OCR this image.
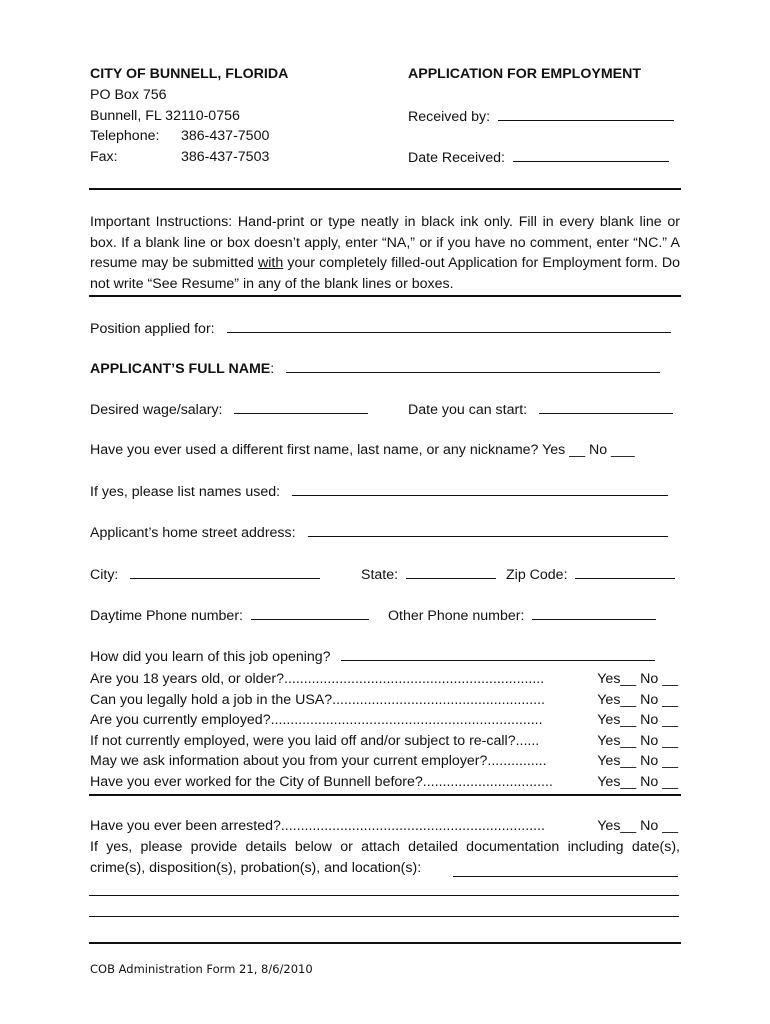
CITY OF BUNNELL, FLORIDA
PO Box 756
Bunnell, FL 32110-0756
Telephone: 386-437-7500
Fax:	386-437-7503
APPLICATION FOR EMPLOYMENT
Received by:
Date Received:
Important Instructions: Hand-print or type neatly in black ink only. Fill in every blank line or box. If a blank line or box doesn’t apply, enter “NA,” or if you have no comment, enter “NC.” A resume may be submitted with your completely filled-out Application for Employment form. Do not write “See Resume” in any of the blank lines or boxes.
Position applied for:
APPLICANT’S FULL NAME:
Desired wage/salary:	Date you can start:
Have you ever used a different first name, last name, or any nickname? Yes __ No ___
If yes, please list names used:
Applicant’s home street address:
City:	State:	Zip Code:
Daytime Phone number:	Other Phone number:
How did you learn of this job opening?
Are you 18 years old, or older?..................................................................	Yes__ No __
Can you legally hold a job in the USA?......................................................	Yes__ No __
Are you currently employed?.....................................................................	Yes__ No __
If not currently employed, were you laid off and/or subject to re-call?......	Yes__ No __
May we ask information about you from your current employer?...............	Yes__ No __
Have you ever worked for the City of Bunnell before?.................................	Yes__ No __
Have you ever been arrested?...................................................................	Yes__ No __
If yes, please provide details below or attach detailed documentation including date(s), crime(s), disposition(s), probation(s), and location(s):
COB Administration Form 21, 8/6/2010
